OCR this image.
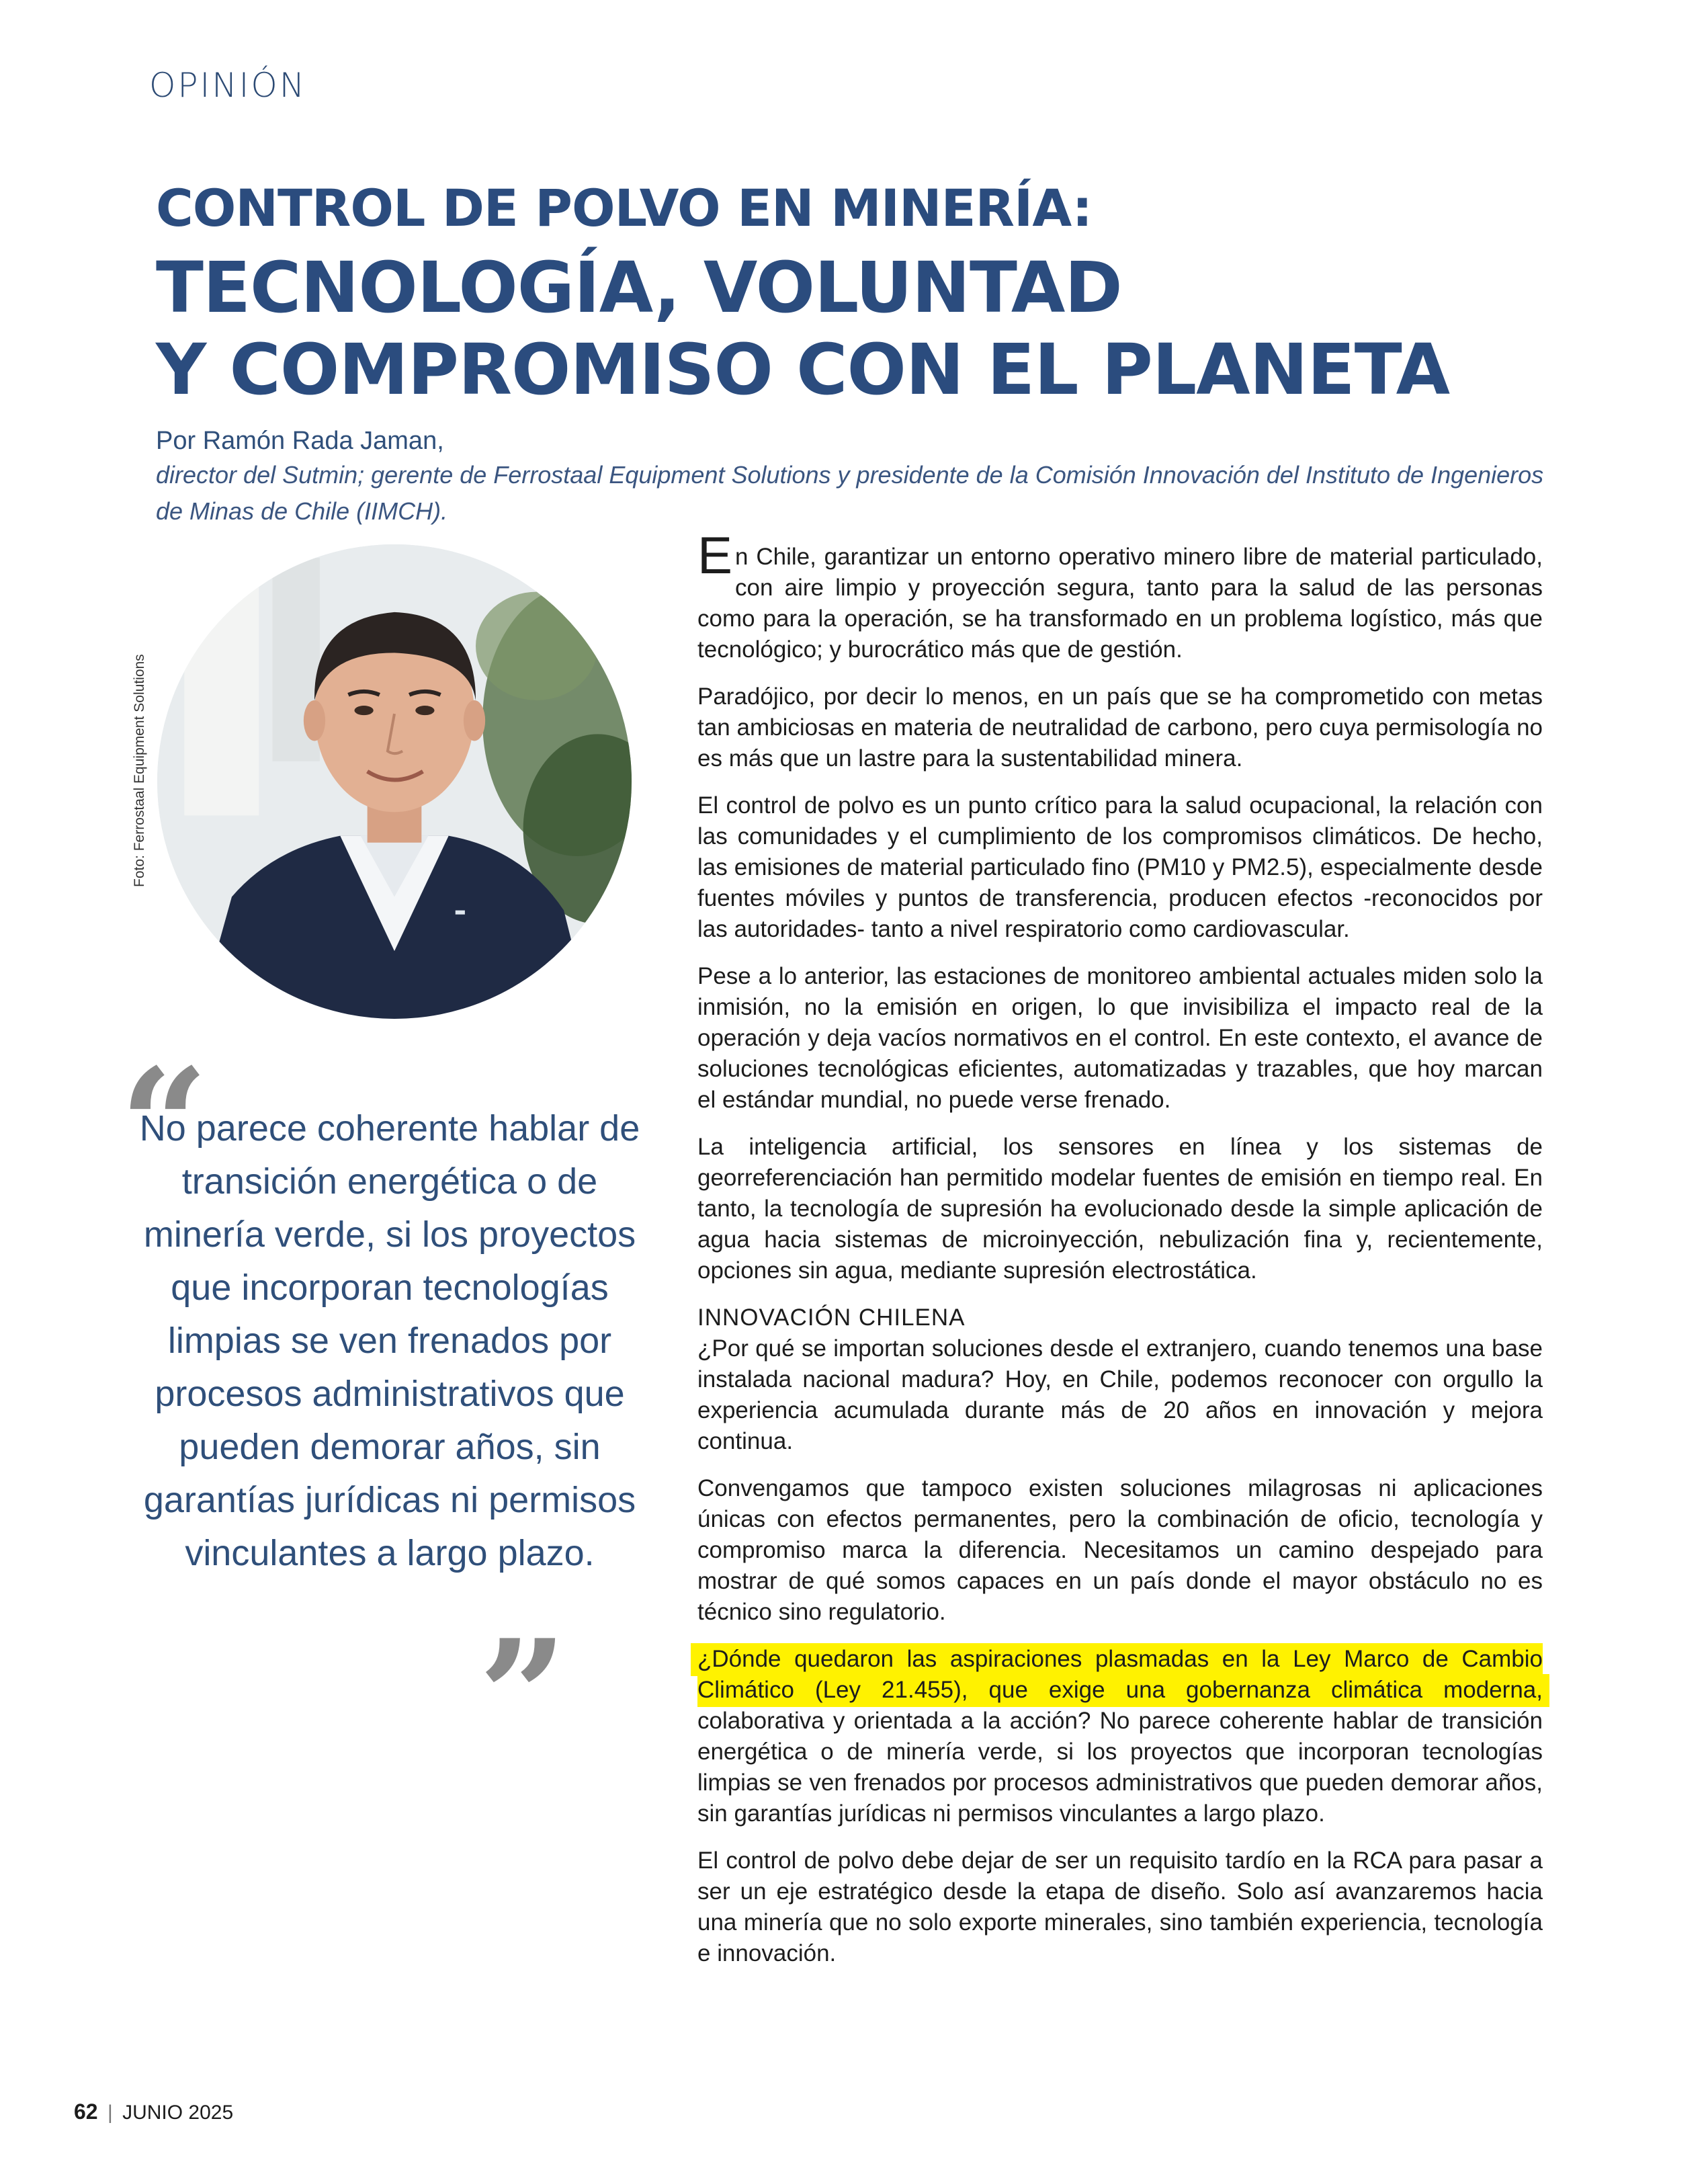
OPINIÓN
CONTROL DE POLVO EN MINERÍA:
TECNOLOGÍA, VOLUNTAD
Y COMPROMISO CON EL PLANETA
Por Ramón Rada Jaman,
director del Sutmin; gerente de Ferrostaal Equipment Solutions y presidente de la Comisión Innovación del Instituto de Ingenieros de Minas de Chile (IIMCH).
Foto: Ferrostaal Equipment Solutions
“
No parece coherente hablar de transición energética o de minería verde, si los proyectos que incorporan tecnologías limpias se ven frenados por procesos administrativos que pueden demorar años, sin garantías jurídicas ni permisos vinculantes a largo plazo.
”

En Chile, garantizar un entorno operativo minero libre de material particulado, con aire limpio y proyección segura, tanto para la salud de las personas como para la operación, se ha transformado en un problema logístico, más que tecnológico; y burocrático más que de gestión.

Paradójico, por decir lo menos, en un país que se ha comprometido con metas tan ambiciosas en materia de neutralidad de carbono, pero cuya permisología no es más que un lastre para la sustentabilidad minera.

El control de polvo es un punto crítico para la salud ocupacional, la relación con las comunidades y el cumplimiento de los compromisos climáticos. De hecho, las emisiones de material particulado fino (PM10 y PM2.5), especialmente desde fuentes móviles y puntos de transferencia, producen efectos -reconocidos por las autoridades- tanto a nivel respiratorio como cardiovascular.

Pese a lo anterior, las estaciones de monitoreo ambiental actuales miden solo la inmisión, no la emisión en origen, lo que invisibiliza el impacto real de la operación y deja vacíos normativos en el control. En este contexto, el avance de soluciones tecnológicas eficientes, automatizadas y trazables, que hoy marcan el estándar mundial, no puede verse frenado.

La inteligencia artificial, los sensores en línea y los sistemas de georreferenciación han permitido modelar fuentes de emisión en tiempo real. En tanto, la tecnología de supresión ha evolucionado desde la simple aplicación de agua hacia sistemas de microinyección, nebulización fina y, recientemente, opciones sin agua, mediante supresión electrostática.

INNOVACIÓN CHILENA

¿Por qué se importan soluciones desde el extranjero, cuando tenemos una base instalada nacional madura? Hoy, en Chile, podemos reconocer con orgullo la experiencia acumulada durante más de 20 años en innovación y mejora continua.

Convengamos que tampoco existen soluciones milagrosas ni aplicaciones únicas con efectos permanentes, pero la combinación de oficio, tecnología y compromiso marca la diferencia. Necesitamos un camino despejado para mostrar de qué somos capaces en un país donde el mayor obstáculo no es técnico sino regulatorio.

¿Dónde quedaron las aspiraciones plasmadas en la Ley Marco de Cambio Climático (Ley 21.455), que exige una gobernanza climática moderna, colaborativa y orientada a la acción? No parece coherente hablar de transición energética o de minería verde, si los proyectos que incorporan tecnologías limpias se ven frenados por procesos administrativos que pueden demorar años, sin garantías jurídicas ni permisos vinculantes a largo plazo.

El control de polvo debe dejar de ser un requisito tardío en la RCA para pasar a ser un eje estratégico desde la etapa de diseño. Solo así avanzaremos hacia una minería que no solo exporte minerales, sino también experiencia, tecnología e innovación.

62 | JUNIO 2025
